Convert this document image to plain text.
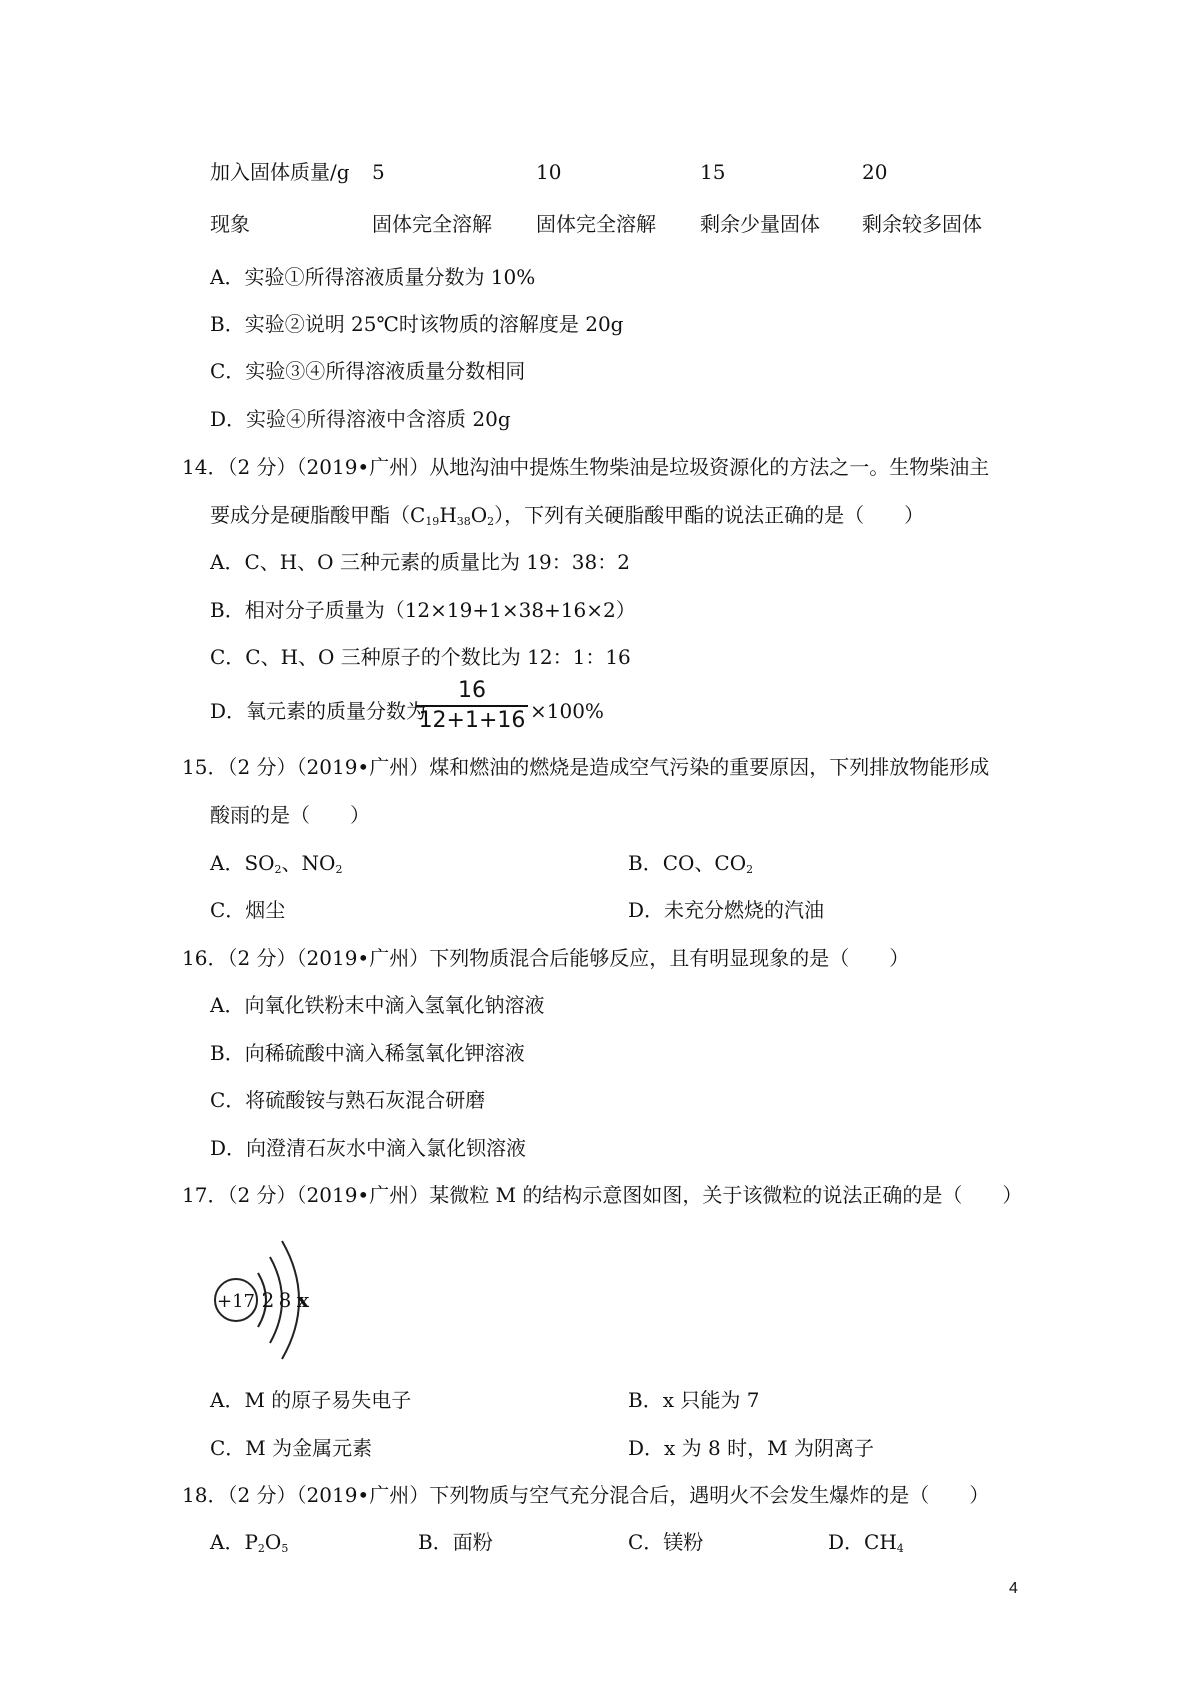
加入固体质量/g 5	10	15	20
现象	固体完全溶解 固体完全溶解 剩余少量固体 剩余较多固体
A．实验①所得溶液质量分数为 10%
B．实验②说明 25℃时该物质的溶解度是 20g
C．实验③④所得溶液质量分数相同
D．实验④所得溶液中含溶质 20g
14．（2 分）（2019•广州）从地沟油中提炼生物柴油是垃圾资源化的方法之一。生物柴油主
要成分是硬脂酸甲酯$(C_{19}H_{38}O_2)$，下列有关硬脂酸甲酯的说法正确的是（　　）
A．C、H、O 三种元素的质量比为 19：38：2
B．相对分子质量为（12×19+1×38+16×2）
C．C、H、O 三种原子的个数比为 12：1：16
D．氧元素的质量分数为
16
12+1+16 ×100%
15．（2 分）（2019•广州）煤和燃油的燃烧是造成空气污染的重要原因，下列排放物能形成
酸雨的是（　　）
A．$SO_2$、$NO_2$	B．CO、$CO_2$
C．烟尘	D．未充分燃烧的汽油
16．（2 分）（2019•广州）下列物质混合后能够反应，且有明显现象的是（　　）
A．向氧化铁粉末中滴入氢氧化钠溶液
B．向稀硫酸中滴入稀氢氧化钾溶液
C．将硫酸铵与熟石灰混合研磨
D．向澄清石灰水中滴入氯化钡溶液
17．（2 分）（2019•广州）某微粒 M 的结构示意图如图，关于该微粒的说法正确的是（　　）
+17 2 8 x
A．M 的原子易失电子	B．x 只能为 7
C．M 为金属元素	D．x 为 8 时，M 为阴离子
18．（2 分）（2019•广州）下列物质与空气充分混合后，遇明火不会发生爆炸的是（　　）
A．$P_2O_5$	B．面粉	C．镁粉	D．$CH_4$
4
